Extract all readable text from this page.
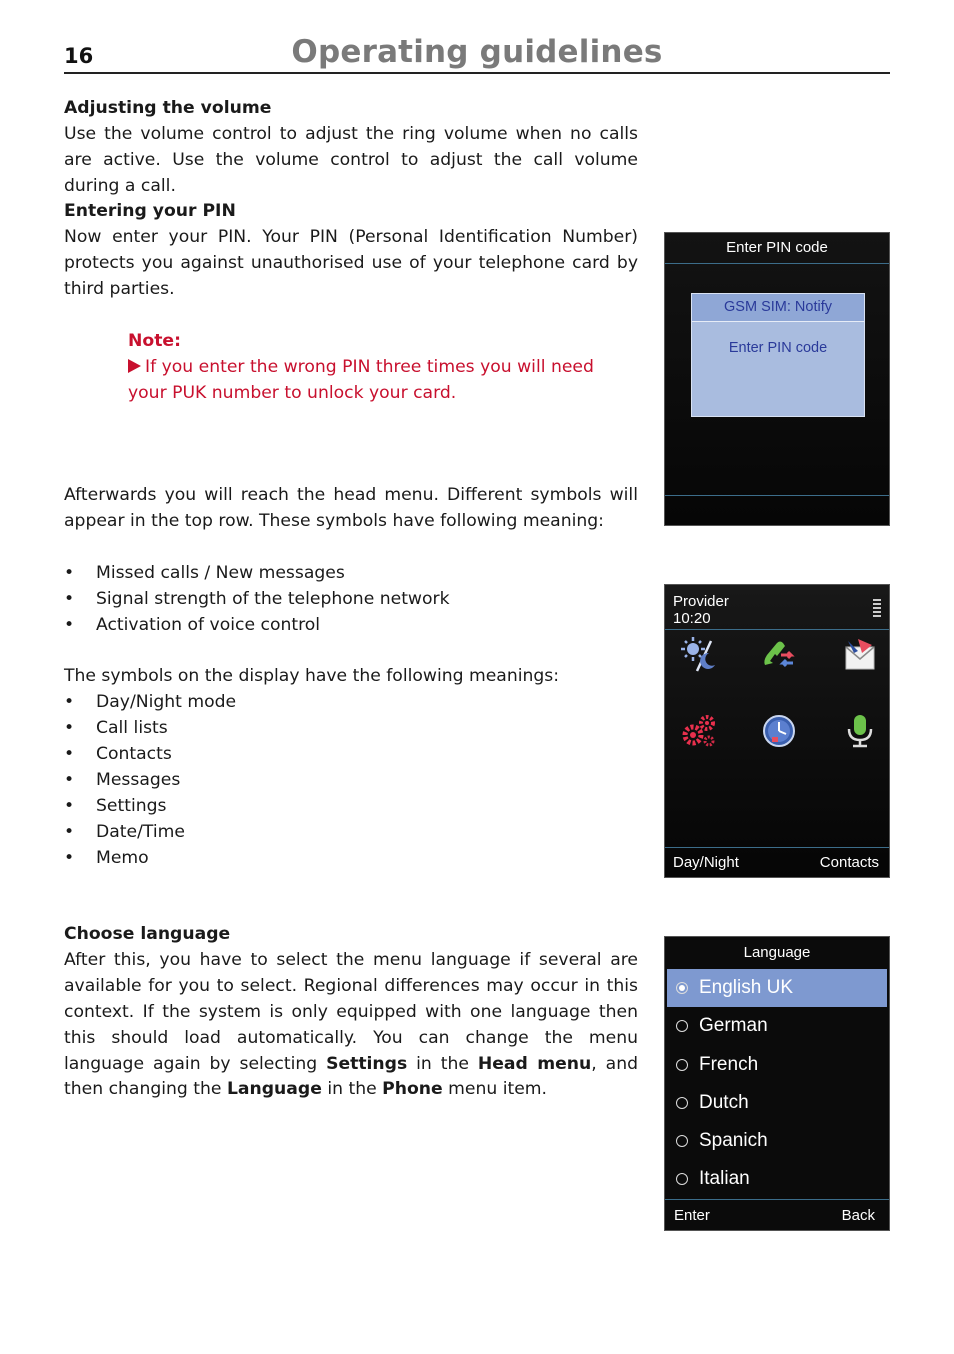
16	Operating guidelines
Adjusting the volume

Use the volume control to adjust the ring volume when no calls are active. Use the volume control to adjust the call volume during a call.

Entering your PIN

Now enter your PIN. Your PIN (Personal Identification Number) protects you against unauthorised use of your telephone card by third parties.

Note:
If you enter the wrong PIN three times you will need your PUK number to unlock your card.

Afterwards you will reach the head menu. Different symbols will appear in the top row. These symbols have following meaning:

• Missed calls / New messages
• Signal strength of the telephone network
• Activation of voice control

The symbols on the display have the following meanings:

• Day/Night mode
• Call lists
• Contacts
• Messages
• Settings
• Date/Time
• Memo
Choose language

After this, you have to select the menu language if several are available for you to select. Regional differences may occur in this context. If the system is only equipped with one language then this should load automatically. You can change the menu language again by selecting Settings in the Head menu, and then changing the Language in the Phone menu item.

Enter PIN code
GSM SIM: Notify
Enter PIN code
Provider
10:20
Day/Night	Contacts
Language
English UK
German
French
Dutch
Spanich
Italian
Enter	Back
